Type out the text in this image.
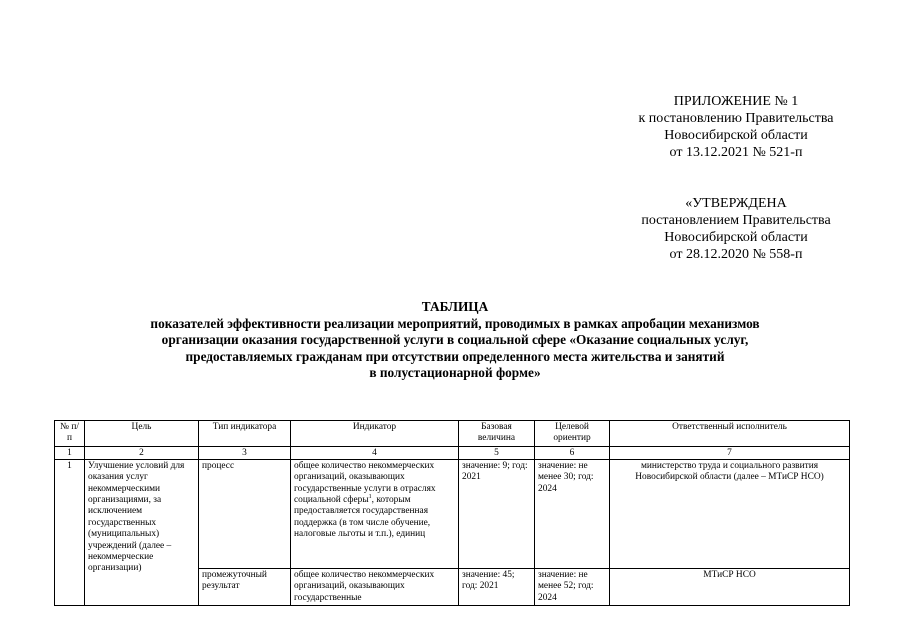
ПРИЛОЖЕНИЕ № 1
к постановлению Правительства
Новосибирской области
от 13.12.2021 № 521-п
«УТВЕРЖДЕНА
постановлением Правительства
Новосибирской области
от 28.12.2020 № 558-п
ТАБЛИЦА
показателей эффективности реализации мероприятий, проводимых в рамках апробации механизмов
организации оказания государственной услуги в социальной сфере «Оказание социальных услуг,
предоставляемых гражданам при отсутствии определенного места жительства и занятий
в полустационарной форме»
№ п/п	Цель	Тип индикатора	Индикатор	Базовая величина	Целевой ориентир	Ответственный исполнитель
1	2	3	4	5	6	7
1	Улучшение условий для оказания услуг некоммерческими организациями, за исключением государственных (муниципальных) учреждений (далее – некоммерческие организации)	процесс	общее количество некоммерческих организаций, оказывающих государственные услуги в отраслях социальной сферы$^1$, которым предоставляется государственная поддержка (в том числе обучение, налоговые льготы и т.п.), единиц	значение: 9; год: 2021	значение: не менее 30; год: 2024	министерство труда и социального развития Новосибирской области (далее – МТиСР НСО)
		промежуточный результат	общее количество некоммерческих организаций, оказывающих государственные	значение: 45; год: 2021	значение: не менее 52; год: 2024	МТиСР НСО
